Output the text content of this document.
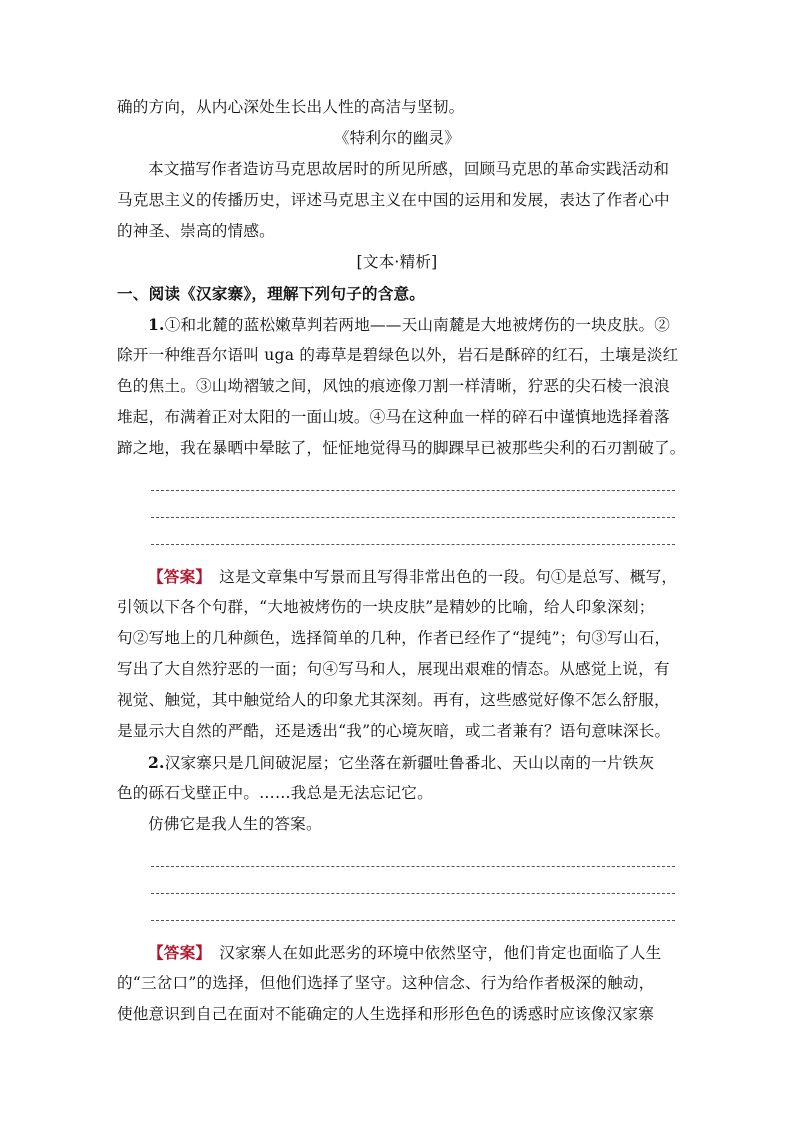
确的方向，从内心深处生长出人性的高洁与坚韧。
《特利尔的幽灵》
本文描写作者造访马克思故居时的所见所感，回顾马克思的革命实践活动和
马克思主义的传播历史，评述马克思主义在中国的运用和发展，表达了作者心中
的神圣、崇高的情感。
[文本·精析]
一、阅读《汉家寨》，理解下列句子的含意。
1.①和北麓的蓝松嫩草判若两地——天山南麓是大地被烤伤的一块皮肤。②
除开一种维吾尔语叫 uga 的毒草是碧绿色以外，岩石是酥碎的红石，土壤是淡红
色的焦土。③山坳褶皱之间，风蚀的痕迹像刀割一样清晰，狞恶的尖石棱一浪浪
堆起，布满着正对太阳的一面山坡。④马在这种血一样的碎石中谨慎地选择着落
蹄之地，我在暴晒中晕眩了，怔怔地觉得马的脚踝早已被那些尖利的石刃割破了。
【答案】 这是文章集中写景而且写得非常出色的一段。句①是总写、概写，
引领以下各个句群，“大地被烤伤的一块皮肤”是精妙的比喻，给人印象深刻；
句②写地上的几种颜色，选择简单的几种，作者已经作了“提纯”；句③写山石，
写出了大自然狞恶的一面；句④写马和人，展现出艰难的情态。从感觉上说，有
视觉、触觉，其中触觉给人的印象尤其深刻。再有，这些感觉好像不怎么舒服，
是显示大自然的严酷，还是透出“我”的心境灰暗，或二者兼有？语句意味深长。
2.汉家寨只是几间破泥屋；它坐落在新疆吐鲁番北、天山以南的一片铁灰
色的砾石戈壁正中。……我总是无法忘记它。
仿佛它是我人生的答案。
【答案】 汉家寨人在如此恶劣的环境中依然坚守，他们肯定也面临了人生
的“三岔口”的选择，但他们选择了坚守。这种信念、行为给作者极深的触动，
使他意识到自己在面对不能确定的人生选择和形形色色的诱惑时应该像汉家寨
